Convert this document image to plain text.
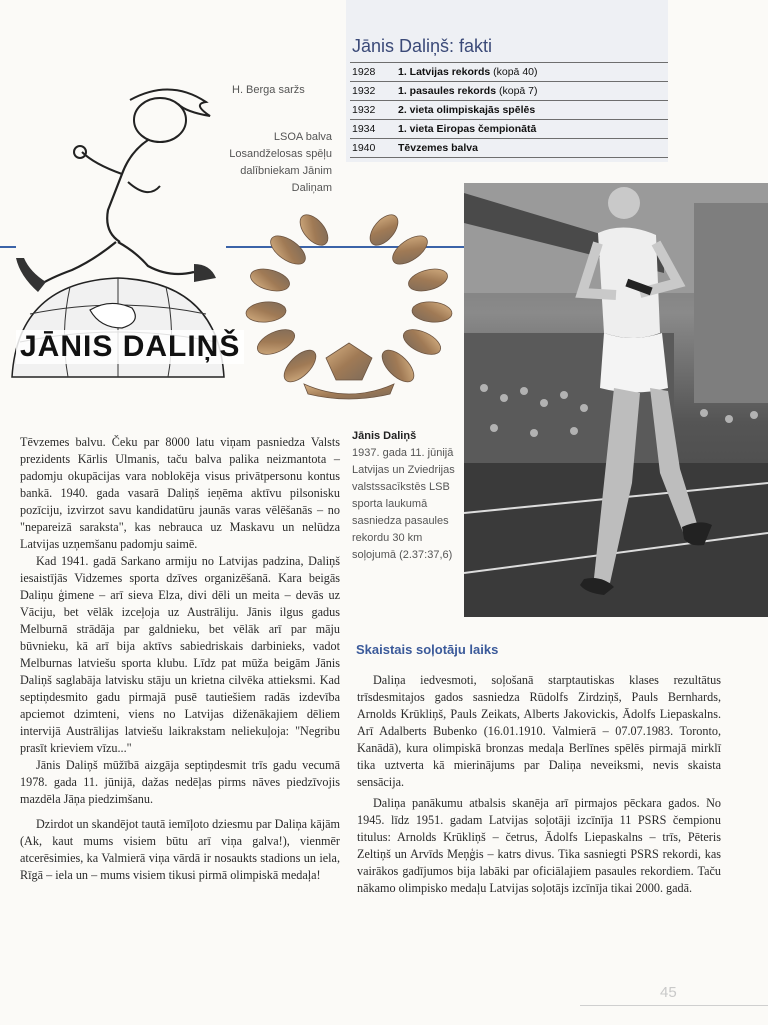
Jānis Daliņš: fakti
1928	1. Latvijas rekords (kopā 40)
1932	1. pasaules rekords (kopā 7)
1932	2. vieta olimpiskajās spēlēs
1934	1. vieta Eiropas čempionātā
1940	Tēvzemes balva
JĀNIS DALIŅŠ
H. Berga saržs
LSOA balva Losandželosas spēļu dalībniekam Jānim Daliņam
Jānis Daliņš
1937. gada 11. jūnijā Latvijas un Zviedrijas valstssacīkstēs LSB sporta laukumā sasniedza pasaules rekordu 30 km soļojumā (2.37:37,6)

Tēvzemes balvu. Čeku par 8000 latu viņam pasniedza Valsts prezidents Kārlis Ulmanis, taču balva palika neizmantota – padomju okupācijas vara noblokēja visus privātpersonu kontus bankā. 1940. gada vasarā Daliņš ieņēma aktīvu pilsonisku pozīciju, izvirzot savu kandidatūru jaunās varas vēlēšanās – no "nepareizā saraksta", kas nebrauca uz Maskavu un nelūdza Latvijas uzņemšanu padomju saimē.

Kad 1941. gadā Sarkano armiju no Latvijas padzina, Daliņš iesaistījās Vidzemes sporta dzīves organizēšanā. Kara beigās Daliņu ģimene – arī sieva Elza, divi dēli un meita – devās uz Vāciju, bet vēlāk izceļoja uz Austrāliju. Jānis ilgus gadus Melburnā strādāja par galdnieku, bet vēlāk arī par māju būvnieku, kā arī bija aktīvs sabiedriskais darbinieks, vadot Melburnas latviešu sporta klubu. Līdz pat mūža beigām Jānis Daliņš saglabāja latvisku stāju un krietna cilvēka attieksmi. Kad septiņdesmito gadu pirmajā pusē tautiešiem radās izdevība apciemot dzimteni, viens no Latvijas dižen​ākajiem dēliem intervijā Austrālijas latviešu laikrakstam nelieku​ļoja: "Negribu prasīt krieviem vīzu..."

Jānis Daliņš mūžībā aizgāja septiņdesmit trīs gadu vecumā 1978. gada 11. jūnijā, dažas nedēļas pirms nāves piedzīvojis mazdēla Jāņa piedzimšanu.

Dzirdot un skandējot tautā iemīļoto dziesmu par Daliņa kājām (Ak, kaut mums visiem būtu arī viņa galva!), vienmēr atcerēsimies, ka Valmierā viņa vārdā ir nosaukts stadions un iela, Rīgā – iela un – mums visiem tikusi pirmā olimpiskā medaļa!

Skaistais soļotāju laiks

Daliņa iedvesmoti, soļošanā starptautiskas klases rezultātus trīsdesmitajos gados sasniedza Rūdolfs Zirdziņš, Pauls Bernhards, Arnolds Krūkliņš, Pauls Zeikats, Alberts Jakovickis, Ādolfs Liepaskalns. Arī Adalberts Bubenko (16.01.1910. Valmierā – 07.07.1983. Toronto, Kanādā), kura olimpiskā bronzas medaļa Berlīnes spēlēs pirmajā mirklī tika uztverta kā mierinājums par Daliņa neveiksmi, nevis skaista sensācija.

Daliņa panākumu atbalsis skanēja arī pirmajos pēckara gados. No 1945. līdz 1951. gadam Latvijas soļotāji izcīnīja 11 PSRS čempionu titulus: Arnolds Krūkliņš – četrus, Ādolfs Liepaskalns – trīs, Pēteris Zeltiņš un Arvīds Meņģis – katrs divus. Tika sasniegti PSRS rekordi, kas vairākos gadījumos bija labāki par oficiālajiem pasaules rekordiem. Taču nākamo olimpisko medaļu Latvijas soļotājs izcīnīja tikai 2000. gadā.

45
